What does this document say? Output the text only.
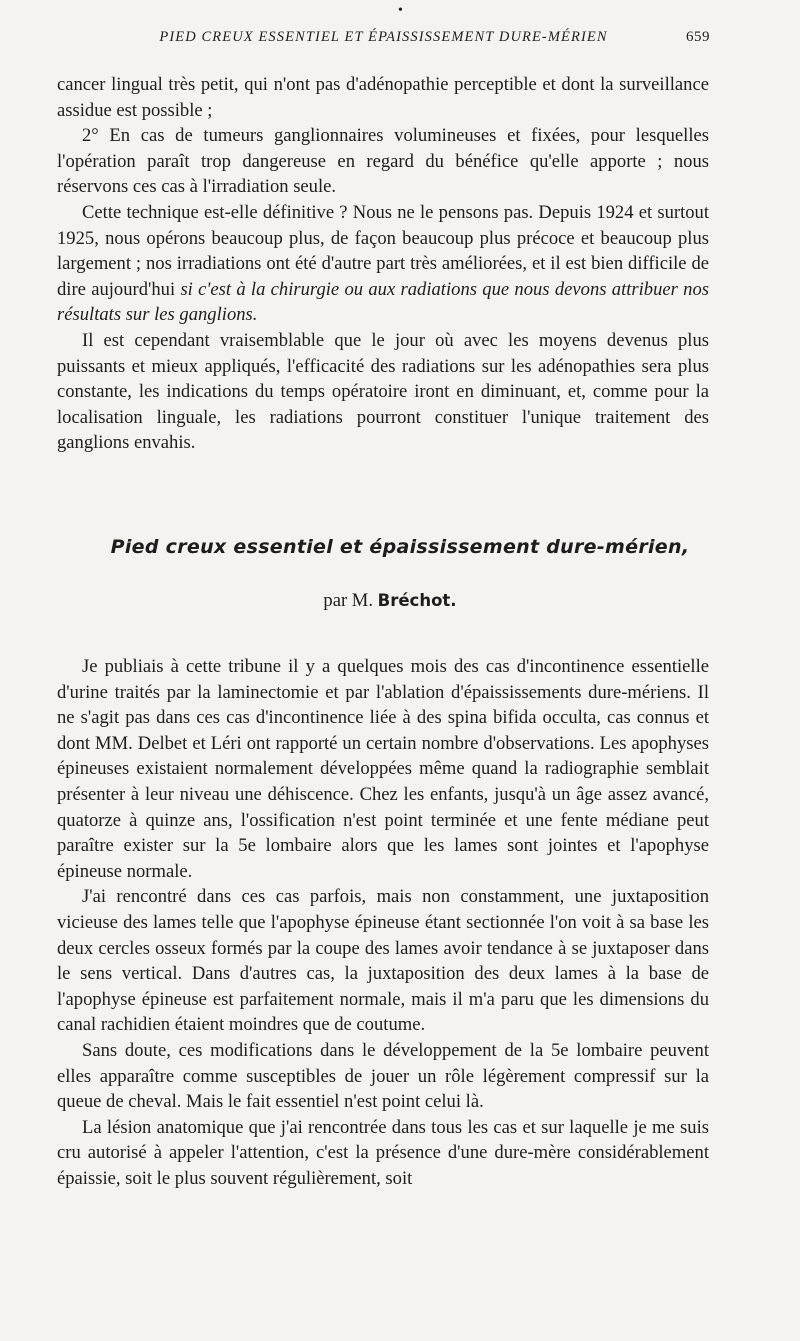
•
PIED CREUX ESSENTIEL ET ÉPAISSISSEMENT DURE-MÉRIEN	659

cancer lingual très petit, qui n'ont pas d'adénopathie perceptible et dont la surveillance assidue est possible ;

2° En cas de tumeurs ganglionnaires volumineuses et fixées, pour lesquelles l'opération paraît trop dangereuse en regard du bénéfice qu'elle apporte ; nous réservons ces cas à l'irradiation seule.

Cette technique est-elle définitive ? Nous ne le pensons pas. Depuis 1924 et surtout 1925, nous opérons beaucoup plus, de façon beaucoup plus précoce et beaucoup plus largement ; nos irradiations ont été d'autre part très améliorées, et il est bien difficile de dire aujourd'hui si c'est à la chirurgie ou aux radiations que nous devons attribuer nos résultats sur les ganglions.

Il est cependant vraisemblable que le jour où avec les moyens devenus plus puissants et mieux appliqués, l'efficacité des radiations sur les adénopathies sera plus constante, les indications du temps opératoire iront en diminuant, et, comme pour la localisation linguale, les radiations pourront constituer l'unique traitement des ganglions envahis.

Pied creux essentiel et épaississement dure-mérien,
par M. Bréchot.

Je publiais à cette tribune il y a quelques mois des cas d'incontinence essentielle d'urine traités par la laminectomie et par l'ablation d'épaississements dure-mériens. Il ne s'agit pas dans ces cas d'incontinence liée à des spina bifida occulta, cas connus et dont MM. Delbet et Léri ont rapporté un certain nombre d'observations. Les apophyses épineuses existaient normalement développées même quand la radiographie semblait présenter à leur niveau une déhiscence. Chez les enfants, jusqu'à un âge assez avancé, quatorze à quinze ans, l'ossification n'est point terminée et une fente médiane peut paraître exister sur la 5e lombaire alors que les lames sont jointes et l'apophyse épineuse normale.

J'ai rencontré dans ces cas parfois, mais non constamment, une juxtaposition vicieuse des lames telle que l'apophyse épineuse étant sectionnée l'on voit à sa base les deux cercles osseux formés par la coupe des lames avoir tendance à se juxtaposer dans le sens vertical. Dans d'autres cas, la juxtaposition des deux lames à la base de l'apophyse épineuse est parfaitement normale, mais il m'a paru que les dimensions du canal rachidien étaient moindres que de coutume.

Sans doute, ces modifications dans le développement de la 5e lombaire peuvent elles apparaître comme susceptibles de jouer un rôle légèrement compressif sur la queue de cheval. Mais le fait essentiel n'est point celui là.

La lésion anatomique que j'ai rencontrée dans tous les cas et sur laquelle je me suis cru autorisé à appeler l'attention, c'est la présence d'une dure-mère considérablement épaissie, soit le plus souvent régulièrement, soit
